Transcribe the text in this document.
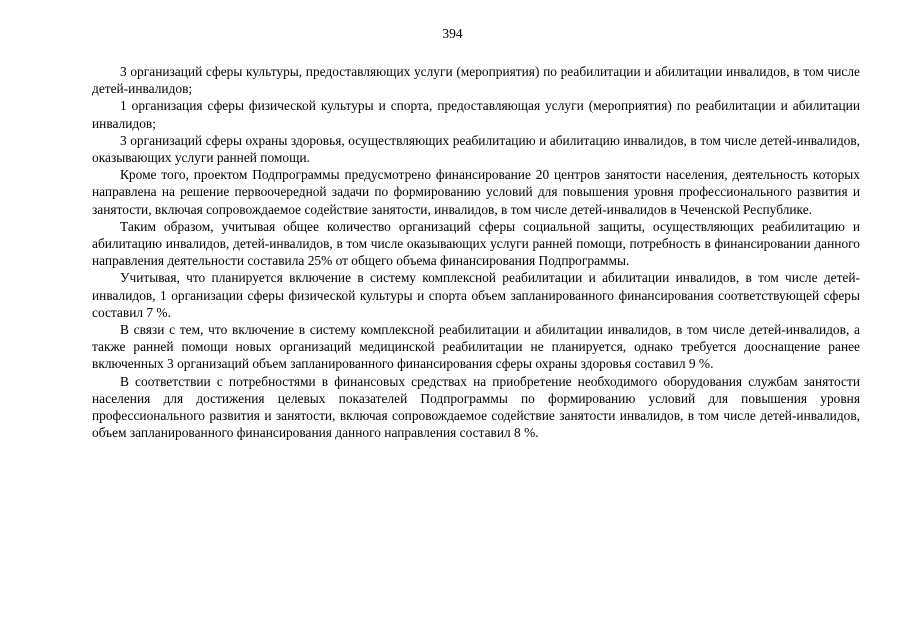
394

3 организаций сферы культуры, предоставляющих услуги (мероприятия) по реабилитации и абилитации инвалидов, в том числе детей-инвалидов;

1 организация сферы физической культуры и спорта, предоставляющая услуги (мероприятия) по реабилитации и абилитации инвалидов;

3 организаций сферы охраны здоровья, осуществляющих реабилитацию и абилитацию инвалидов, в том числе детей-инвалидов, оказывающих услуги ранней помощи.

Кроме того, проектом Подпрограммы предусмотрено финансирование 20 центров занятости населения, деятельность которых направлена на решение первоочередной задачи по формированию условий для повышения уровня профессионального развития и занятости, включая сопровождаемое содействие занятости, инвалидов, в том числе детей-инвалидов в Чеченской Республике.

Таким образом, учитывая общее количество организаций сферы социальной защиты, осуществляющих реабилитацию и абилитацию инвалидов, детей-инвалидов, в том числе оказывающих услуги ранней помощи, потребность в финансировании данного направления деятельности составила 25% от общего объема финансирования Подпрограммы.

Учитывая, что планируется включение в систему комплексной реабилитации и абилитации инвалидов, в том числе детей-инвалидов, 1 организации сферы физической культуры и спорта объем запланированного финансирования соответствующей сферы составил 7 %.

В связи с тем, что включение в систему комплексной реабилитации и абилитации инвалидов, в том числе детей-инвалидов, а также ранней помощи новых организаций медицинской реабилитации не планируется, однако требуется дооснащение ранее включенных 3 организаций объем запланированного финансирования сферы охраны здоровья составил 9 %.

В соответствии с потребностями в финансовых средствах на приобретение необходимого оборудования службам занятости населения для достижения целевых показателей Подпрограммы по формированию условий для повышения уровня профессионального развития и занятости, включая сопровождаемое содействие занятости инвалидов, в том числе детей-инвалидов, объем запланированного финансирования данного направления составил 8 %.
